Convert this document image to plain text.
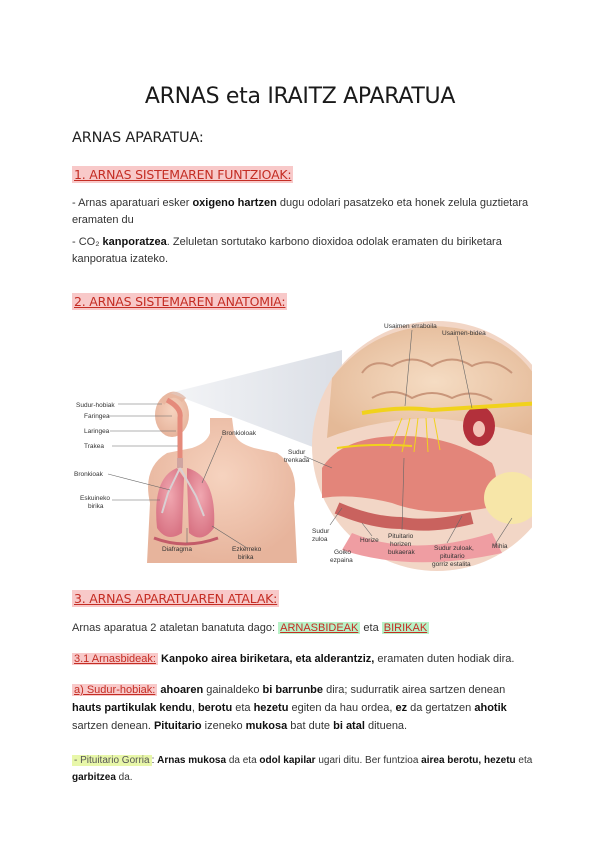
ARNAS eta IRAITZ APARATUA
ARNAS APARATUA:
1. ARNAS SISTEMAREN FUNTZIOAK:
- Arnas aparatuari esker oxigeno hartzen dugu odolari pasatzeko eta honek zelula guztietara eramaten du
- CO₂ kanporatzea. Zeluletan sortutako karbono dioxidoa odolak eramaten du biriketara kanporatua izateko.
2. ARNAS SISTEMAREN ANATOMIA:
Sudur-hobiak
Faringea
Laringea
Trakea
Bronkioak
Eskuineko
birika
Bronkioloak
Diafragma	Ezkerreko
birika
Usaimen erraboila
Usaimen-bidea
Sudur
trenkada
Sudur
zuloa	Horize
Goiko
ezpaina
Pituitario
horizen
bukaerak
Sudur zuloak,
pituitario
gorriz estalita
Mihia
3. ARNAS APARATUAREN ATALAK:
Arnas aparatua 2 ataletan banatuta dago: ARNASBIDEAK eta BIRIKAK
3.1 Arnasbideak: Kanpoko airea biriketara, eta alderantziz, eramaten duten hodiak dira.
a) Sudur-hobiak: ahoaren gainaldeko bi barrunbe dira; sudurratik airea sartzen denean hauts partikulak kendu, berotu eta hezetu egiten da hau ordea, ez da gertatzen ahotik sartzen denean. Pituitario izeneko mukosa bat dute bi atal dituena.
- Pituitario Gorria : Arnas mukosa da eta odol kapilar ugari ditu. Ber funtzioa airea berotu, hezetu eta garbitzea da.
